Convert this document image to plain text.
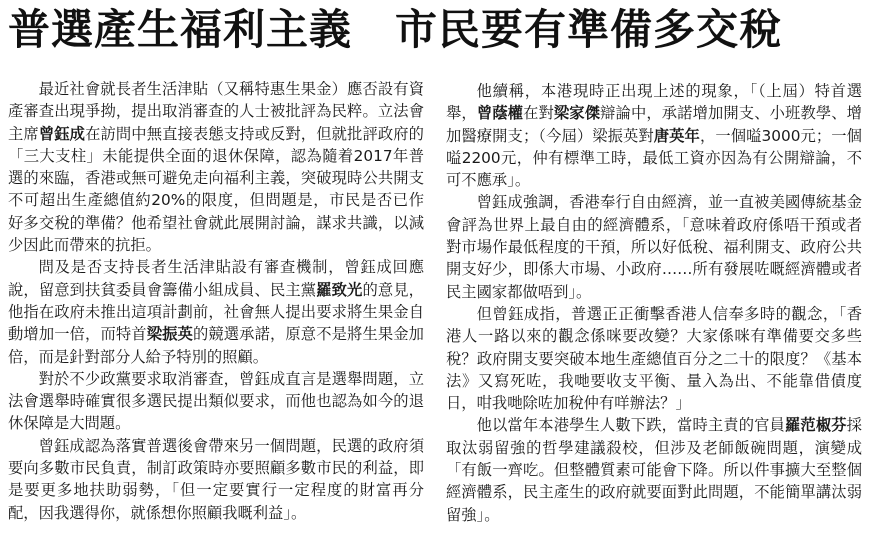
普選產生福利主義　市民要有準備多交稅

最近社會就長者生活津貼（又稱特惠生果金）應否設有資產審查出現爭拗，提出取消審查的人士被批評為民粹。立法會主席曾鈺成在訪問中無直接表態支持或反對，但就批評政府的「三大支柱」未能提供全面的退休保障，認為隨着2017年普選的來臨，香港或無可避免走向福利主義，突破現時公共開支不可超出生產總值約20%的限度，但問題是，市民是否已作好多交稅的準備？他希望社會就此展開討論，謀求共識，以減少因此而帶來的抗拒。

問及是否支持長者生活津貼設有審查機制，曾鈺成回應說，留意到扶貧委員會籌備小組成員、民主黨羅致光的意見，他指在政府未推出這項計劃前，社會無人提出要求將生果金自動增加一倍，而特首梁振英的競選承諾，原意不是將生果金加倍，而是針對部分人給予特別的照顧。

對於不少政黨要求取消審查，曾鈺成直言是選舉問題，立法會選舉時確實很多選民提出類似要求，而他也認為如今的退休保障是大問題。

曾鈺成認為落實普選後會帶來另一個問題，民選的政府須要向多數市民負責，制訂政策時亦要照顧多數市民的利益，即是要更多地扶助弱勢，「但一定要實行一定程度的財富再分配，因我選得你，就係想你照顧我嘅利益」。

他續稱，本港現時正出現上述的現象，「（上屆）特首選舉，曾蔭權在對梁家傑辯論中，承諾增加開支、小班教學、增加醫療開支；（今屆）梁振英對唐英年，一個嗌3000元；一個嗌2200元，仲有標準工時，最低工資亦因為有公開辯論，不可不應承」。

曾鈺成強調，香港奉行自由經濟，並一直被美國傳統基金會評為世界上最自由的經濟體系，「意味着政府係唔干預或者對市場作最低程度的干預，所以好低稅、福利開支、政府公共開支好少，即係大市場、小政府……所有發展咗嘅經濟體或者民主國家都做唔到」。

但曾鈺成指，普選正正衝擊香港人信奉多時的觀念，「香港人一路以來的觀念係咪要改變？大家係咪有準備要交多些稅？政府開支要突破本地生產總值百分之二十的限度？《基本法》又寫死咗，我哋要收支平衡、量入為出、不能靠借債度日，咁我哋除咗加稅仲有咩辦法？」

他以當年本港學生人數下跌，當時主責的官員羅范椒芬採取汰弱留強的哲學建議殺校，但涉及老師飯碗問題，演變成「有飯一齊吃。但整體質素可能會下降。所以件事擴大至整個經濟體系，民主產生的政府就要面對此問題，不能簡單講汰弱留強」。
